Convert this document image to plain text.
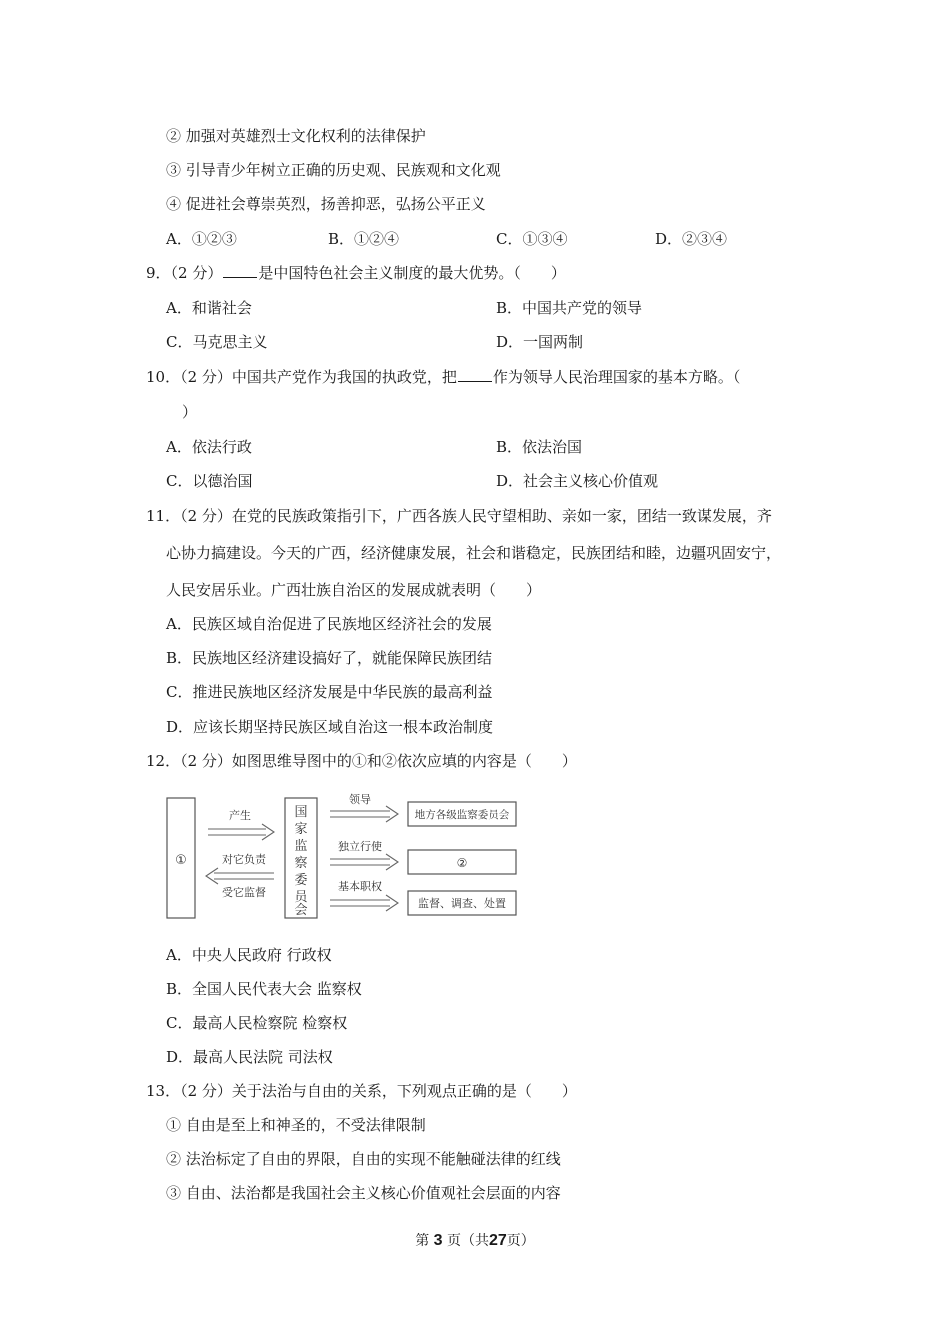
② 加强对英雄烈士文化权利的法律保护
③ 引导青少年树立正确的历史观、民族观和文化观
④ 促进社会尊崇英烈，扬善抑恶，弘扬公平正义
A．①②③	B．①②④	C．①③④	D．②③④
9．（2 分） 是中国特色社会主义制度的最大优势。（　　）
A．和谐社会	B．中国共产党的领导
C．马克思主义	D．一国两制
10．（2 分）中国共产党作为我国的执政党，把 作为领导人民治理国家的基本方略。（
）
A．依法行政	B．依法治国
C．以德治国	D．社会主义核心价值观
11．（2 分）在党的民族政策指引下，广西各族人民守望相助、亲如一家，团结一致谋发展，齐
心协力搞建设。今天的广西，经济健康发展，社会和谐稳定，民族团结和睦，边疆巩固安宁，
人民安居乐业。广西壮族自治区的发展成就表明（　　）
A．民族区域自治促进了民族地区经济社会的发展
B．民族地区经济建设搞好了，就能保障民族团结
C．推进民族地区经济发展是中华民族的最高利益
D．应该长期坚持民族区域自治这一根本政治制度
12．（2 分）如图思维导图中的①和②依次应填的内容是（　　）
①
产生
对它负责
受它监督
国
家
监
察
委
员
会
领导
独立行使
基本职权
地方各级监察委员会
②
监督、调查、处置
A．中央人民政府 行政权
B．全国人民代表大会 监察权
C．最高人民检察院 检察权
D．最高人民法院 司法权
13．（2 分）关于法治与自由的关系，下列观点正确的是（　　）
① 自由是至上和神圣的，不受法律限制
② 法治标定了自由的界限，自由的实现不能触碰法律的红线
③ 自由、法治都是我国社会主义核心价值观社会层面的内容
第 3 页（共27页）
